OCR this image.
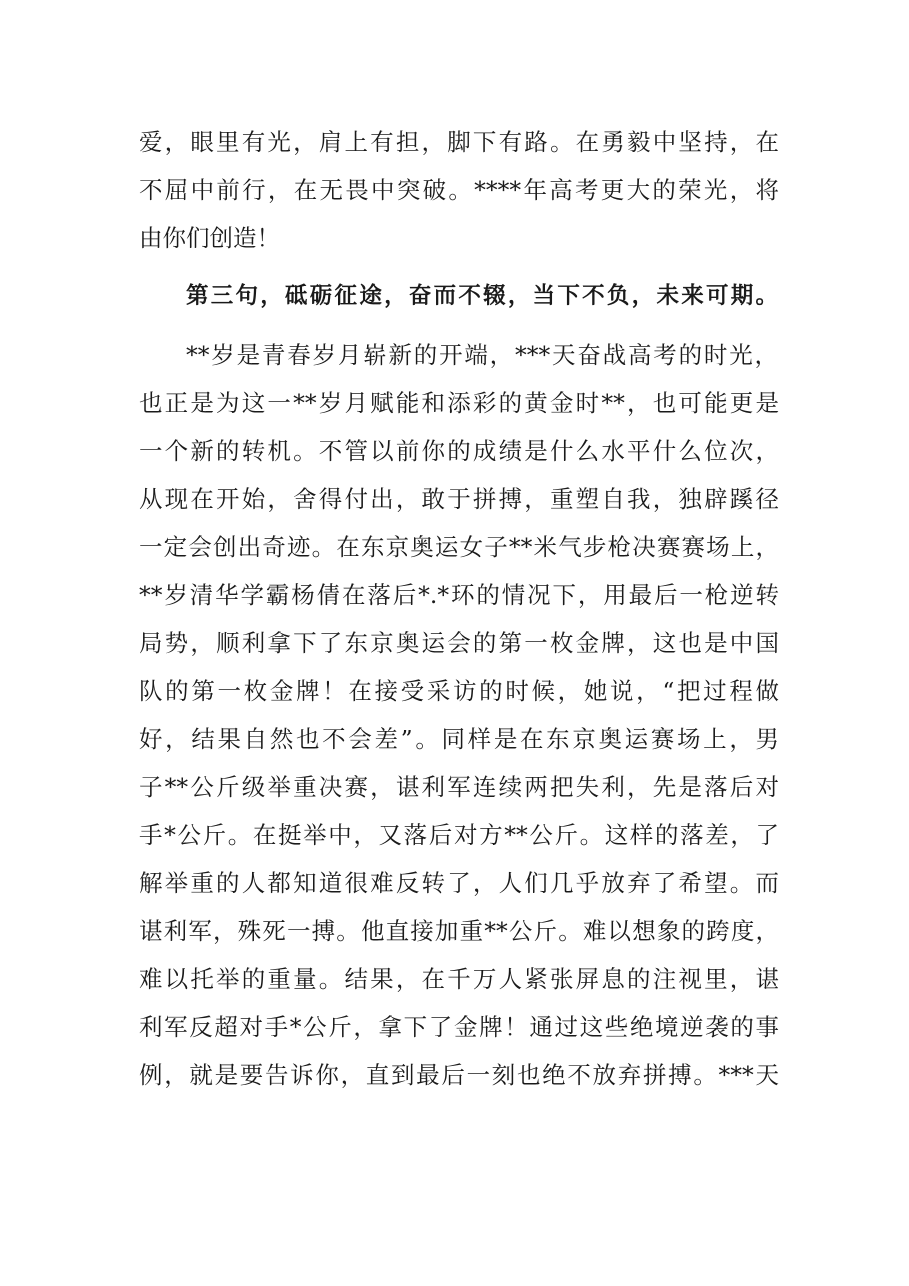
爱，眼里有光，肩上有担，脚下有路。在勇毅中坚持，在
不屈中前行，在无畏中突破。****年高考更大的荣光，将
由你们创造！
第三句，砥砺征途，奋而不辍，当下不负，未来可期。
**岁是青春岁月崭新的开端，***天奋战高考的时光，
也正是为这一**岁月赋能和添彩的黄金时**，也可能更是
一个新的转机。不管以前你的成绩是什么水平什么位次，
从现在开始，舍得付出，敢于拼搏，重塑自我，独辟蹊径
一定会创出奇迹。在东京奥运女子**米气步枪决赛赛场上，
**岁清华学霸杨倩在落后*.*环的情况下，用最后一枪逆转
局势，顺利拿下了东京奥运会的第一枚金牌，这也是中国
队的第一枚金牌！在接受采访的时候，她说，“把过程做
好，结果自然也不会差”。同样是在东京奥运赛场上，男
子**公斤级举重决赛，谌利军连续两把失利，先是落后对
手*公斤。在挺举中，又落后对方**公斤。这样的落差，了
解举重的人都知道很难反转了，人们几乎放弃了希望。而
谌利军，殊死一搏。他直接加重**公斤。难以想象的跨度，
难以托举的重量。结果，在千万人紧张屏息的注视里，谌
利军反超对手*公斤，拿下了金牌！通过这些绝境逆袭的事
例，就是要告诉你，直到最后一刻也绝不放弃拼搏。***天
